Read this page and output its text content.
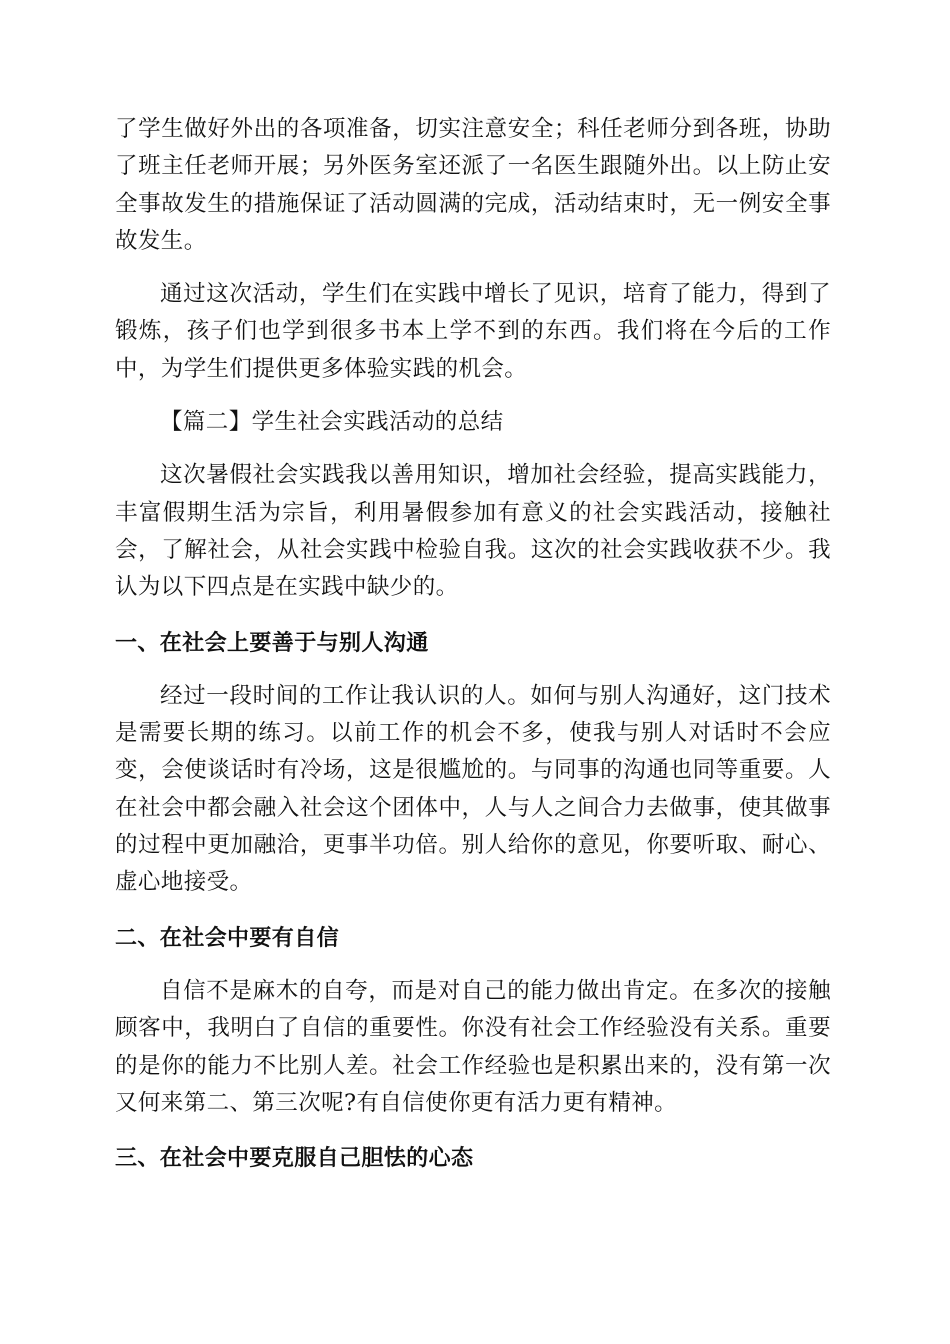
了学生做好外出的各项准备，切实注意安全；科任老师分到各班，协助了班主任老师开展；另外医务室还派了一名医生跟随外出。以上防止安全事故发生的措施保证了活动圆满的完成，活动结束时，无一例安全事故发生。

通过这次活动，学生们在实践中增长了见识，培育了能力，得到了锻炼，孩子们也学到很多书本上学不到的东西。我们将在今后的工作中，为学生们提供更多体验实践的机会。

【篇二】学生社会实践活动的总结

这次暑假社会实践我以善用知识，增加社会经验，提高实践能力，丰富假期生活为宗旨，利用暑假参加有意义的社会实践活动，接触社会，了解社会，从社会实践中检验自我。这次的社会实践收获不少。我认为以下四点是在实践中缺少的。

一、在社会上要善于与别人沟通

经过一段时间的工作让我认识的人。如何与别人沟通好，这门技术是需要长期的练习。以前工作的机会不多，使我与别人对话时不会应变，会使谈话时有冷场，这是很尴尬的。与同事的沟通也同等重要。人在社会中都会融入社会这个团体中，人与人之间合力去做事，使其做事的过程中更加融洽，更事半功倍。别人给你的意见，你要听取、耐心、虚心地接受。

二、在社会中要有自信

自信不是麻木的自夸，而是对自己的能力做出肯定。在多次的接触顾客中，我明白了自信的重要性。你没有社会工作经验没有关系。重要的是你的能力不比别人差。社会工作经验也是积累出来的，没有第一次又何来第二、第三次呢?有自信使你更有活力更有精神。

三、在社会中要克服自己胆怯的心态
